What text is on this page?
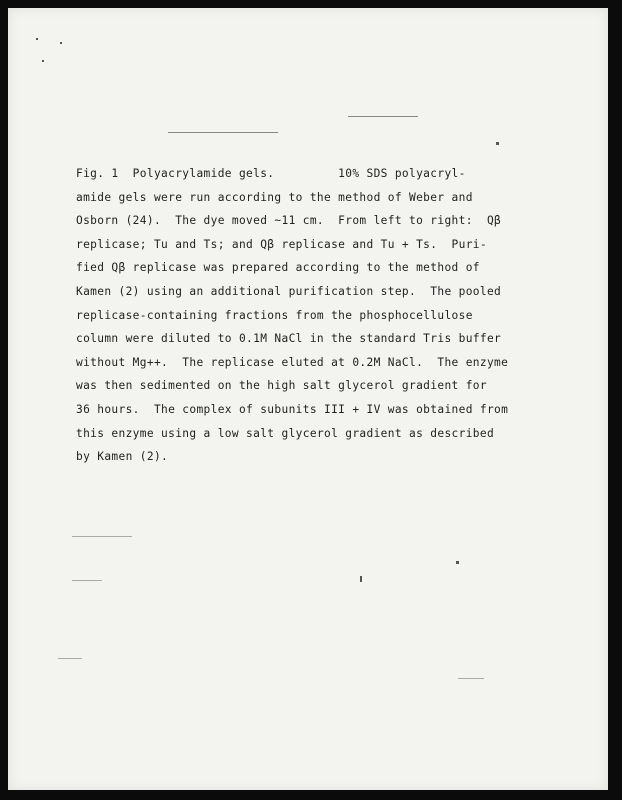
Fig. 1  Polyacrylamide gels.         10% SDS polyacryl-
amide gels were run according to the method of Weber and
Osborn (24).  The dye moved ~11 cm.  From left to right:  Qβ
replicase; Tu and Ts; and Qβ replicase and Tu + Ts.  Puri-
fied Qβ replicase was prepared according to the method of
Kamen (2) using an additional purification step.  The pooled
replicase-containing fractions from the phosphocellulose
column were diluted to 0.1M NaCl in the standard Tris buffer
without Mg++.  The replicase eluted at 0.2M NaCl.  The enzyme
was then sedimented on the high salt glycerol gradient for
36 hours.  The complex of subunits III + IV was obtained from
this enzyme using a low salt glycerol gradient as described
by Kamen (2).
